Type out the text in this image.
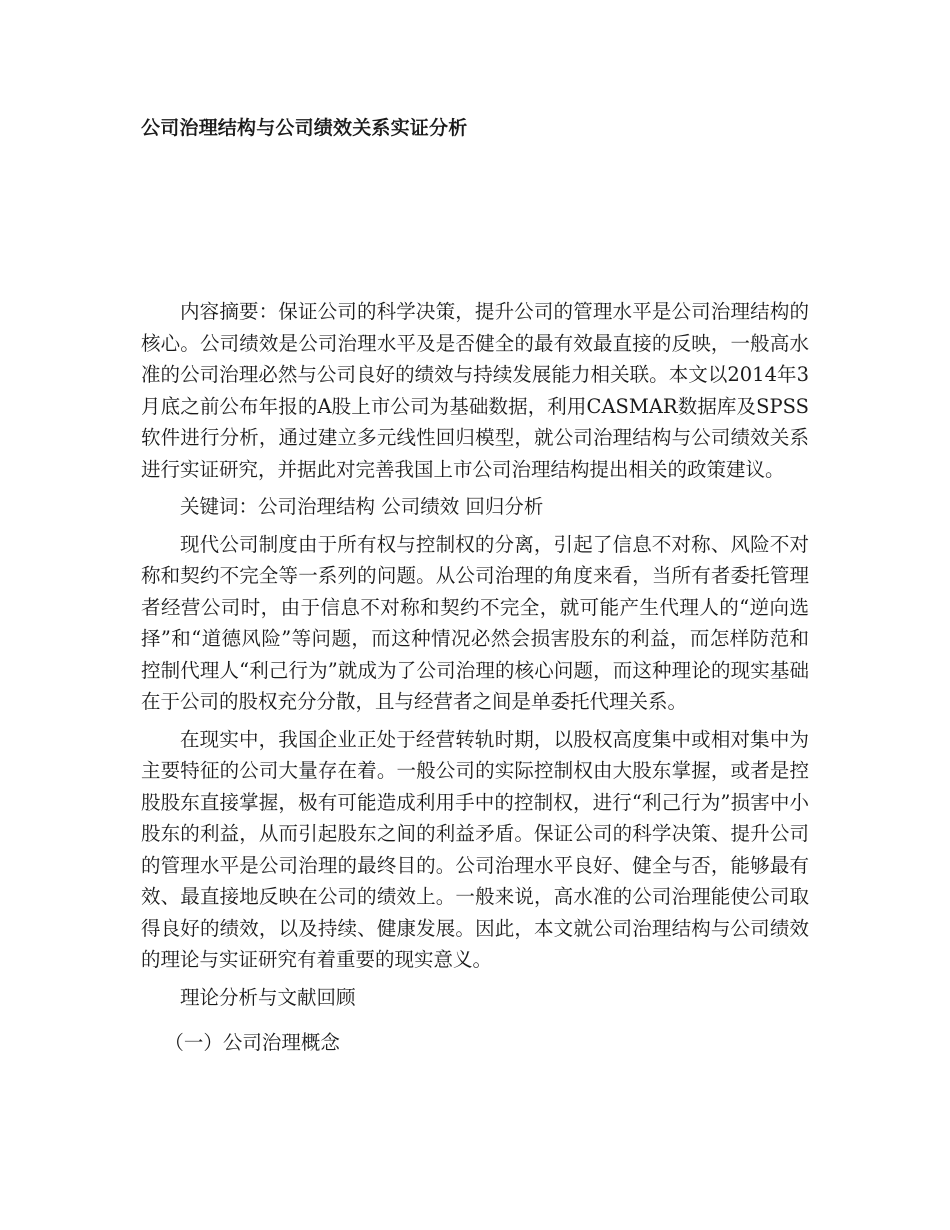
公司治理结构与公司绩效关系实证分析

内容摘要：保证公司的科学决策，提升公司的管理水平是公司治理结构的核心。公司绩效是公司治理水平及是否健全的最有效最直接的反映，一般高水准的公司治理必然与公司良好的绩效与持续发展能力相关联。本文以2014年3月底之前公布年报的A股上市公司为基础数据，利用CASMAR数据库及SPSS软件进行分析，通过建立多元线性回归模型，就公司治理结构与公司绩效关系进行实证研究，并据此对完善我国上市公司治理结构提出相关的政策建议。

关键词：公司治理结构 公司绩效 回归分析

现代公司制度由于所有权与控制权的分离，引起了信息不对称、风险不对称和契约不完全等一系列的问题。从公司治理的角度来看，当所有者委托管理者经营公司时，由于信息不对称和契约不完全，就可能产生代理人的“逆向选择”和“道德风险”等问题，而这种情况必然会损害股东的利益，而怎样防范和控制代理人“利己行为”就成为了公司治理的核心问题，而这种理论的现实基础在于公司的股权充分分散，且与经营者之间是单委托代理关系。

在现实中，我国企业正处于经营转轨时期，以股权高度集中或相对集中为主要特征的公司大量存在着。一般公司的实际控制权由大股东掌握，或者是控股股东直接掌握，极有可能造成利用手中的控制权，进行“利己行为”损害中小股东的利益，从而引起股东之间的利益矛盾。保证公司的科学决策、提升公司的管理水平是公司治理的最终目的。公司治理水平良好、健全与否，能够最有效、最直接地反映在公司的绩效上。一般来说，高水准的公司治理能使公司取得良好的绩效，以及持续、健康发展。因此，本文就公司治理结构与公司绩效的理论与实证研究有着重要的现实意义。

理论分析与文献回顾

（一）公司治理概念
